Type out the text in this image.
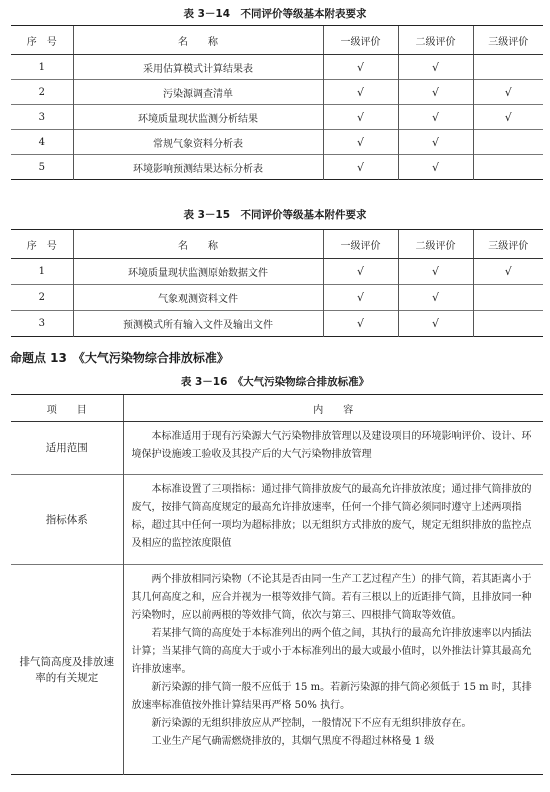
表 3－14　不同评价等级基本附表要求
序　号	名　　称	一级评价	二级评价	三级评价
1	采用估算模式计算结果表	√	√	
2	污染源调查清单	√	√	√
3	环境质量现状监测分析结果	√	√	√
4	常规气象资料分析表	√	√	
5	环境影响预测结果达标分析表	√	√	
表 3－15　不同评价等级基本附件要求
序　号	名　　称	一级评价	二级评价	三级评价
1	环境质量现状监测原始数据文件	√	√	√
2	气象观测资料文件	√	√	
3	预测模式所有输入文件及输出文件	√	√	
命题点 13　《大气污染物综合排放标准》
表 3－16　《大气污染物综合排放标准》
项　　目	内　　容
适用范围	本标准适用于现有污染源大气污染物排放管理以及建设项目的环境影响评价、设计、环境保护设施竣工验收及其投产后的大气污染物排放管理

指标体系	本标准设置了三项指标：通过排气筒排放废气的最高允许排放浓度；通过排气筒排放的废气，按排气筒高度规定的最高允许排放速率，任何一个排气筒必须同时遵守上述两项指标，超过其中任何一项均为超标排放；以无组织方式排放的废气，规定无组织排放的监控点及相应的监控浓度限值

排气筒高度及排放速率的有关规定	两个排放相同污染物（不论其是否由同一生产工艺过程产生）的排气筒，若其距离小于其几何高度之和，应合并视为一根等效排气筒。若有三根以上的近距排气筒，且排放同一种污染物时，应以前两根的等效排气筒，依次与第三、四根排气筒取等效值。

若某排气筒的高度处于本标准列出的两个值之间，其执行的最高允许排放速率以内插法计算；当某排气筒的高度大于或小于本标准列出的最大或最小值时，以外推法计算其最高允许排放速率。

新污染源的排气筒一般不应低于 15 m。若新污染源的排气筒必须低于 15 m 时，其排放速率标准值按外推计算结果再严格 50% 执行。

新污染源的无组织排放应从严控制，一般情况下不应有无组织排放存在。

工业生产尾气确需燃烧排放的，其烟气黑度不得超过林格曼 1 级
